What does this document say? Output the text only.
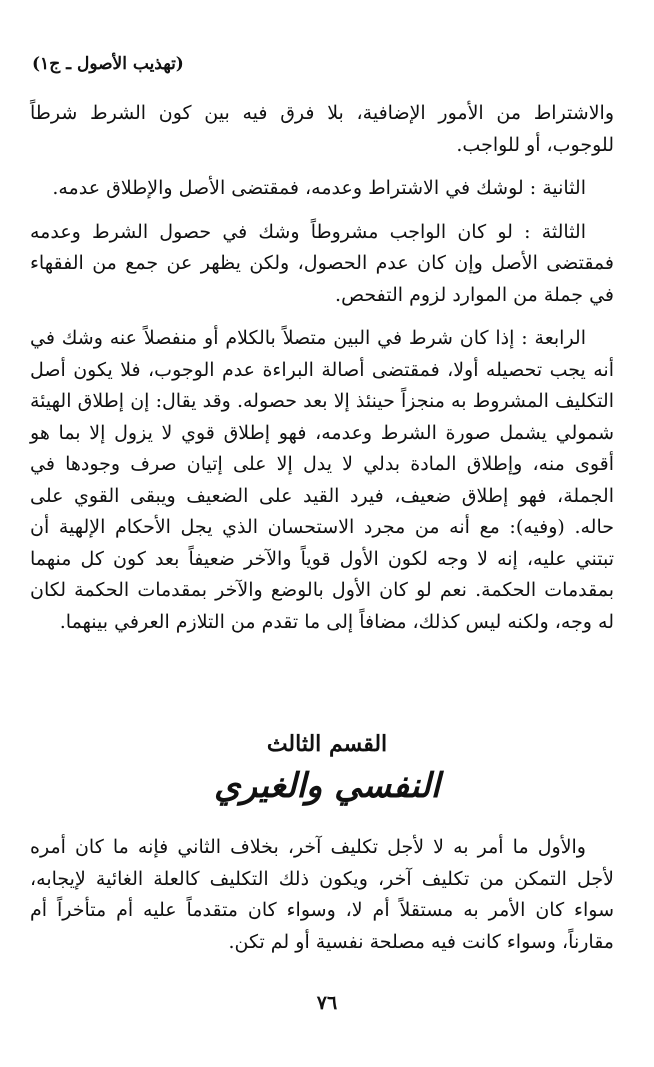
(تهذيب الأصول ـ ج١)

والاشتراط من الأمور الإضافية، بلا فرق فيه بين كون الشرط شرطاً للوجوب، أو للواجب.

الثانية : لوشك في الاشتراط وعدمه، فمقتضى الأصل والإطلاق عدمه.

الثالثة : لو كان الواجب مشروطاً وشك في حصول الشرط وعدمه فمقتضى الأصل وإن كان عدم الحصول، ولكن يظهر عن جمع من الفقهاء في جملة من الموارد لزوم التفحص.

الرابعة : إذا كان شرط في البين متصلاً بالكلام أو منفصلاً عنه وشك في أنه يجب تحصيله أولا، فمقتضى أصالة البراءة عدم الوجوب، فلا يكون أصل التكليف المشروط به منجزاً حينئذ إلا بعد حصوله. وقد يقال: إن إطلاق الهيئة شمولي يشمل صورة الشرط وعدمه، فهو إطلاق قوي لا يزول إلا بما هو أقوى منه، وإطلاق المادة بدلي لا يدل إلا على إتيان صرف وجودها في الجملة، فهو إطلاق ضعيف، فيرد القيد على الضعيف ويبقى القوي على حاله. (وفيه): مع أنه من مجرد الاستحسان الذي يجل الأحكام الإلهية أن تبتني عليه، إنه لا وجه لكون الأول قوياً والآخر ضعيفاً بعد كون كل منهما بمقدمات الحكمة. نعم لو كان الأول بالوضع والآخر بمقدمات الحكمة لكان له وجه، ولكنه ليس كذلك، مضافاً إلى ما تقدم من التلازم العرفي بينهما.

القسم الثالث
النفسي والغيري

والأول ما أمر به لا لأجل تكليف آخر، بخلاف الثاني فإنه ما كان أمره لأجل التمكن من تكليف آخر، ويكون ذلك التكليف كالعلة الغائية لإيجابه، سواء كان الأمر به مستقلاً أم لا، وسواء كان متقدماً عليه أم متأخراً أم مقارناً، وسواء كانت فيه مصلحة نفسية أو لم تكن.

٧٦
